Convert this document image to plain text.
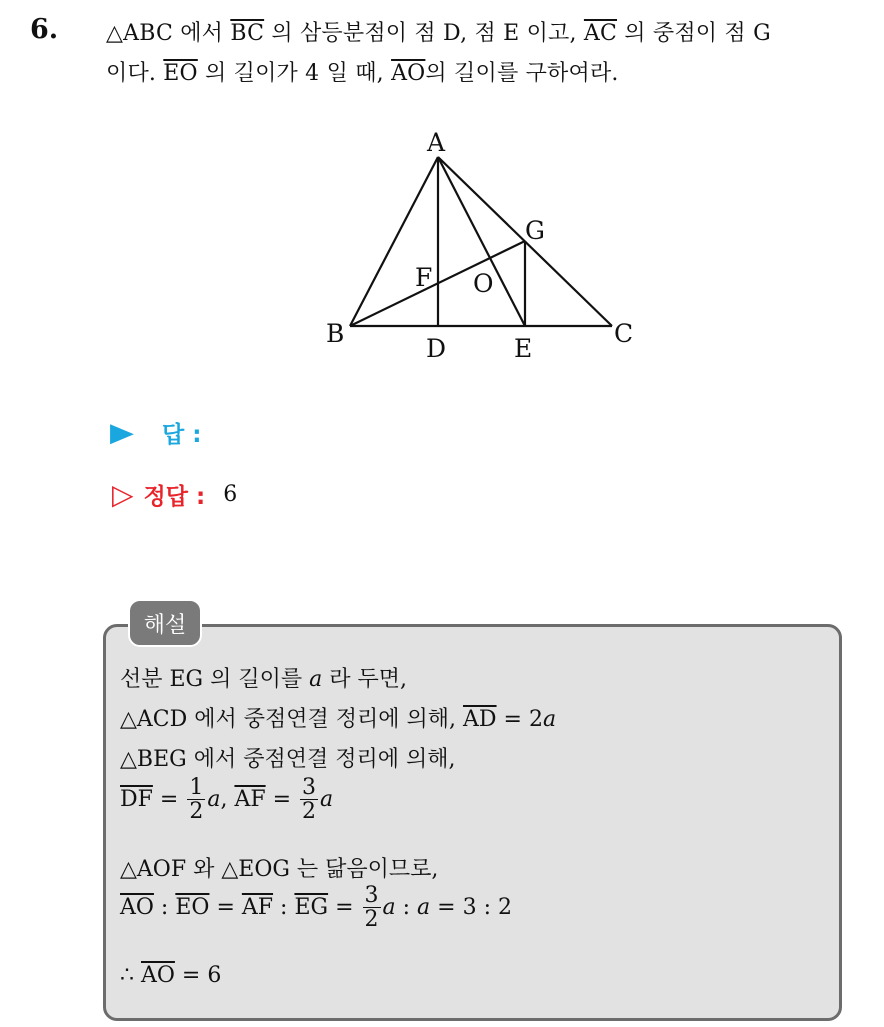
6. △ABC 에서 $\overline{BC}$ 의 삼등분점이 점 D, 점 E 이고, $\overline{AC}$ 의 중점이 점 G
이다. $\overline{EO}$ 의 길이가 4 일 때, $\overline{AO}$의 길이를 구하여라.
A
B	C
D	E
F
G
O
▶ 답 :
▷ 정답 : 6
해설
선분 EG 의 길이를 a 라 두면,
△ACD 에서 중점연결 정리에 의해, $\overline{AD} = 2a$
△BEG 에서 중점연결 정리에 의해,
$\overline{DF} = \frac{1}{2}$ a , $\overline{AF} = \frac{3}{2}$ a
△AOF 와 △EOG 는 닮음이므로,
$\overline{AO}$ : $\overline{EO} = \overline{AF}$ : $\overline{EG} = \frac{3}{2}$ a : a = 3 : 2
∴ $\overline{AO} = 6$
